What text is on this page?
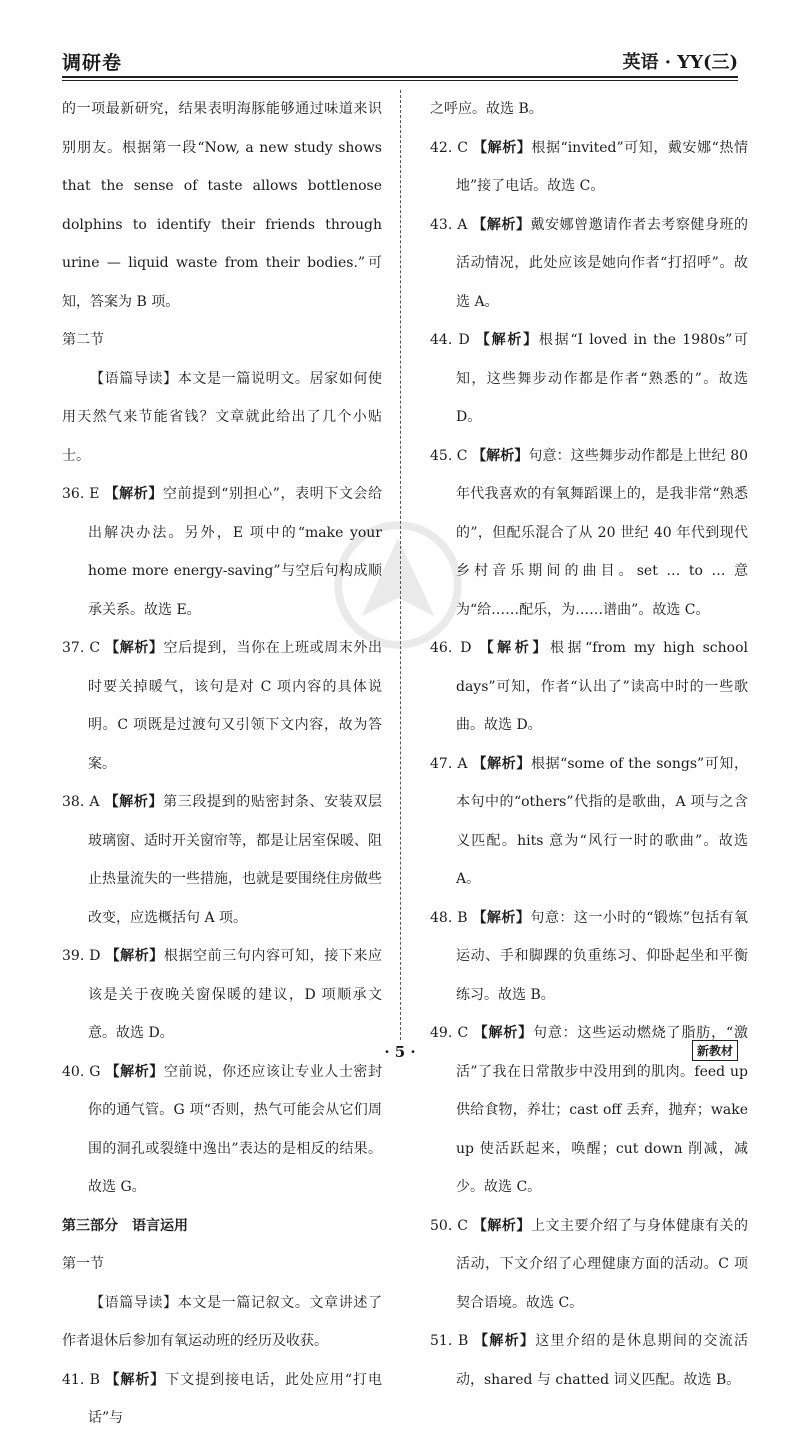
调研卷	英语 · YY(三)

的一项最新研究，结果表明海豚能够通过味道来识别朋友。根据第一段“Now, a new study shows that the sense of taste allows bottlenose dolphins to identify their friends through urine — liquid waste from their bodies.”可知，答案为 B 项。

第二节

【语篇导读】本文是一篇说明文。居家如何使用天然气来节能省钱？文章就此给出了几个小贴士。

36. E 【解析】空前提到“别担心”，表明下文会给出解决办法。另外，E 项中的“make your home more energy-saving”与空后句构成顺承关系。故选 E。

37. C 【解析】空后提到，当你在上班或周末外出时要关掉暖气，该句是对 C 项内容的具体说明。C 项既是过渡句又引领下文内容，故为答案。

38. A 【解析】第三段提到的贴密封条、安装双层玻璃窗、适时开关窗帘等，都是让居室保暖、阻止热量流失的一些措施，也就是要围绕住房做些改变，应选概括句 A 项。

39. D 【解析】根据空前三句内容可知，接下来应该是关于夜晚关窗保暖的建议，D 项顺承文意。故选 D。

40. G 【解析】空前说，你还应该让专业人士密封你的通气管。G 项“否则，热气可能会从它们周围的洞孔或裂缝中逸出”表达的是相反的结果。故选 G。

第三部分　语言运用

第一节

【语篇导读】本文是一篇记叙文。文章讲述了作者退休后参加有氧运动班的经历及收获。

41. B 【解析】下文提到接电话，此处应用“打电话”与

之呼应。故选 B。

42. C 【解析】根据“invited”可知，戴安娜“热情地”接了电话。故选 C。

43. A 【解析】戴安娜曾邀请作者去考察健身班的活动情况，此处应该是她向作者“打招呼”。故选 A。

44. D 【解析】根据“I loved in the 1980s”可知，这些舞步动作都是作者“熟悉的”。故选 D。

45. C 【解析】句意：这些舞步动作都是上世纪 80 年代我喜欢的有氧舞蹈课上的，是我非常“熟悉的”，但配乐混合了从 20 世纪 40 年代到现代乡村音乐期间的曲目。set … to … 意为“给……配乐，为……谱曲”。故选 C。

46. D 【解析】根据“from my high school days”可知，作者“认出了”读高中时的一些歌曲。故选 D。

47. A 【解析】根据“some of the songs”可知，本句中的“others”代指的是歌曲，A 项与之含义匹配。hits 意为“风行一时的歌曲”。故选 A。

48. B 【解析】句意：这一小时的“锻炼”包括有氧运动、手和脚踝的负重练习、仰卧起坐和平衡练习。故选 B。

49. C 【解析】句意：这些运动燃烧了脂肪，“激活”了我在日常散步中没用到的肌肉。feed up 供给食物，养壮；cast off 丢弃，抛弃；wake up 使活跃起来，唤醒；cut down 削减，减少。故选 C。

50. C 【解析】上文主要介绍了与身体健康有关的活动，下文介绍了心理健康方面的活动。C 项契合语境。故选 C。

51. B 【解析】这里介绍的是休息期间的交流活动，shared 与 chatted 词义匹配。故选 B。

· 5 ·	新教材
